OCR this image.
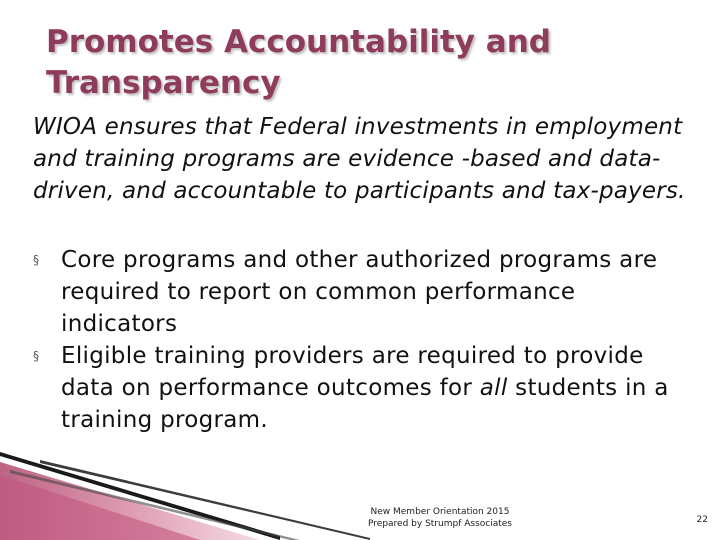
Promotes Accountability and
Transparency
WIOA ensures that Federal investments in employment and training programs are evidence -based and data-driven, and accountable to participants and tax-payers.
§ Core programs and other authorized programs are required to report on common performance indicators
§ Eligible training providers are required to provide data on performance outcomes for all students in a training program.
New Member Orientation 2015
Prepared by Strumpf Associates	22
